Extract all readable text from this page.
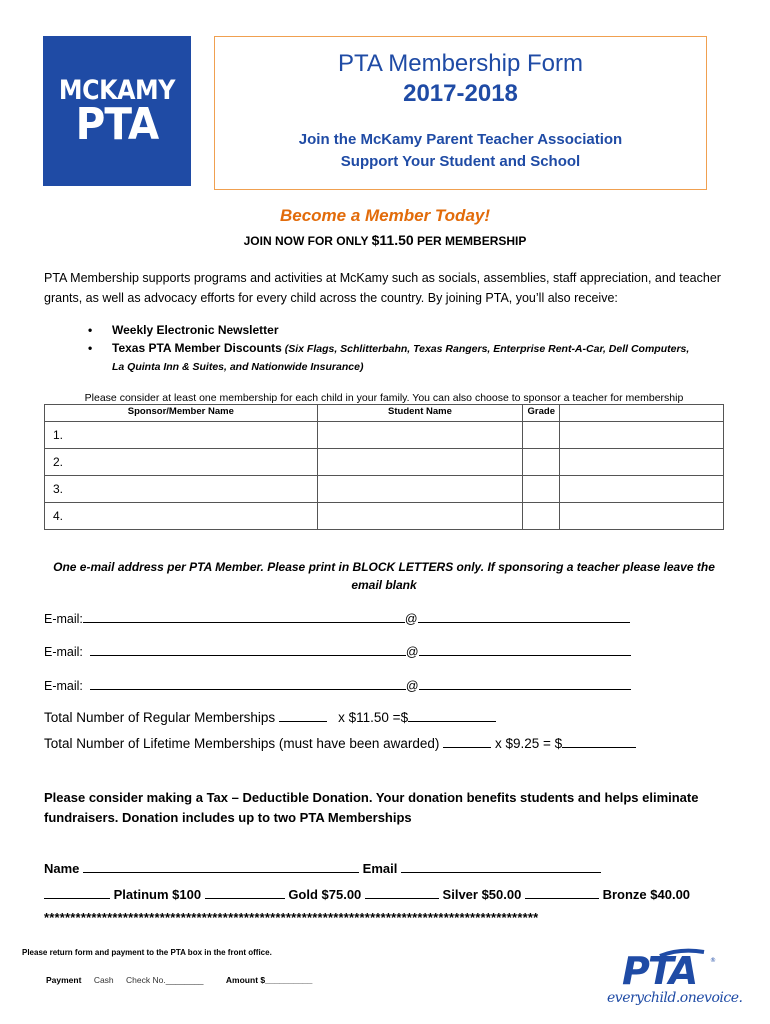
MCKAMY
PTA
PTA Membership Form
2017-2018
Join the McKamy Parent Teacher Association
Support Your Student and School
Become a Member Today!
JOIN NOW FOR ONLY $11.50 PER MEMBERSHIP
PTA Membership supports programs and activities at McKamy such as socials, assemblies, staff appreciation, and teacher grants, as well as advocacy efforts for every child across the country. By joining PTA, you’ll also receive:
•	Weekly Electronic Newsletter
•	Texas PTA Member Discounts (Six Flags, Schlitterbahn, Texas Rangers, Enterprise Rent-A-Car, Dell Computers,
La Quinta Inn & Suites, and Nationwide Insurance)
Please consider at least one membership for each child in your family. You can also choose to sponsor a teacher for membership
Sponsor/Member Name	Student Name	Grade	
1.			
2.			
3.			
4.			
One e-mail address per PTA Member. Please print in BLOCK LETTERS only. If sponsoring a teacher please leave the email blank
E-mail:	@
E-mail:	@
E-mail:	@
Total Number of Regular Memberships	x $11.50 =$
Total Number of Lifetime Memberships (must have been awarded)	x $9.25 = $
Please consider making a Tax – Deductible Donation. Your donation benefits students and helps eliminate fundraisers. Donation includes up to two PTA Memberships
Name	Email
Platinum $100	Gold $75.00	Silver $50.00	Bronze $40.00
**********************************************************************************************
Please return form and payment to the PTA box in the front office.
Payment Cash Check No.________	Amount $__________	PTA ®
everychild.onevoice.
